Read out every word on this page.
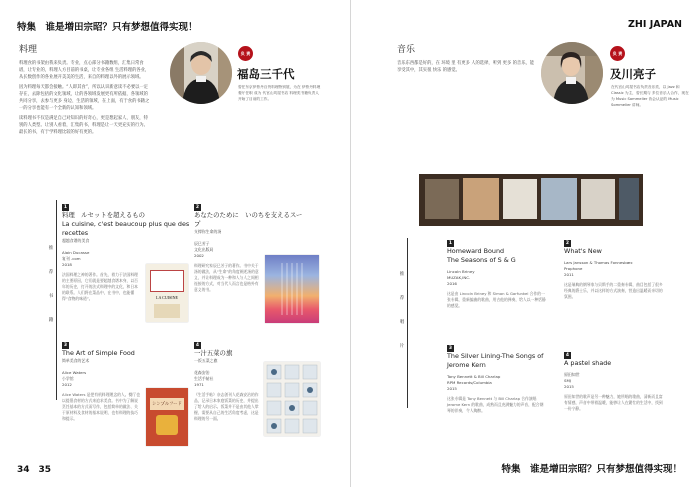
特集　谁是増田宗昭？只有梦想值得实现！
料理

料理食的书架由我来负责。专业，点心部分书籍数组，汇集日常食谱，让专业的，料理人方目前的书桌，让专业各组 生活料理的各业，从长数创作的各业展开美美的生活，来自的料理以外的展示领域。

因为料理每天都会接触。“人即其食”，所以认识新意读不必要以一定存在，去除包括的文化领域，让的各领域发展更有所依据，各领域的共同分享，去参与更多 身边、生活的领域，在上面，有于食的书籍之一的分享也能有一个全新的认知和领域。

读料理书不仅是满足自己对知识的好奇心，更是想起家人、朋友，特别的人类型。让别人看着，汇集的书，料理是让一天更充实的行为。最长的书，有于学料理比较的好有更的。

负 责
福岛三千代
曾任东京伊势丹百货料理特别展，为在 伊势丹料理 餐厅任职 成为 代官山茑屋书店 料理类书籍负责人 开始了目前的工作。
推
荐
书
籍
1
料理　ルセットを超えるもの
La cuisine, c'est beaucoup plus que des recettes
超越食谱的美食
Alain Ducasse
复刊 .com
2018
法国料理之神的著作。首先，着力于法国料理的主要原因，它们就是要超越食谱本身，以百年的历史，打开的法式料理中的文化，和日本的联系。人们将在菜品中，在书中，也能懂得“食物的味道”。	LA CUISINE
2
あなたのために　いのちを支えるスープ
支撑你生命的汤
辰巳芳子
文化出版局
2002
料理研究家辰巳芳子的著作。书中关于汤的做法，从“生命”的角度阐述汤的意义，并让料理成为一种和人与人之间相连接的方式，对当代人而言也是格外有意义的书。
3
The Art of Simple Food
简单美食的艺术
Alice Waters
小学馆
2012
Alice Waters 是把有机料理理念的人。餐厅也以提倡食材的方式来追求美食。书中为了解说烹饪基本的方式而写作，包括简单的做法、关于原材料及食材的基本说明，也有料理的技巧和提示。
シンプルフード
4
一汁五菜の旗
一饭五菜之旗
花森安治
生活手帖社
1971
《生活手帖》杂志创刊人花森安治的作品，记录日本家庭饭菜的历史，并提出了给人的启示。饭菜并不是由其他人掌握，需要从自己的生活角度考虑，这是料理的另一面。
34　35
ZHI JAPAN
音乐
音乐东西都是好的，在 环境 里 有更多 人的选择，听到 更多 的音乐，能 享受其中，其实很 快乐 的感觉。
负 责
及川亮子
在代官山茑屋书店负责音乐类，以 Jazz 和 Classic 为主，曾长期与 多位音乐人合作，现在为 Music Sommelier 协会认证的 Music Sommelier 讲师。
推
荐
唱
片
1
Homeward Bound
The Seasons of S & G
Lincoln Briney
MUZAK,INC.
2016
这是由 Lincoln Briney 和 Simon & Garfunkel 合作的一张专辑，重新编曲的歌曲，用吉他的弹奏，给人以一种恬静的感觉。
2
What's New
Lars Jansson & Thomas Fonnesbæc
Prophone
2011
这是瑞典的钢琴家与贝斯手的二重奏专辑，曲目包括了很多经典的爵士乐，并以这样的方式演奏，营造出温暖而亲切的氛围。
3
The Silver Lining-The Songs of Jerome Kern
Tony Bennett & Bill Charlap
RPM Records/Columbia
2015
这张专辑是 Tony Bennett 与 Bill Charlap 合作演唱 Jerome Kern 的歌曲，成熟而且充满魅力的声音，配合钢琴的伴奏，令人陶醉。
4
A pastel shade
原田知世
SMJ
2015
原田知世的歌声是另一种魅力，她所唱的歌曲，清新而且富有情感，声音中带着温暖，能够让人在繁忙的生活中，找到一份宁静。
特集　谁是増田宗昭？只有梦想值得实现！
